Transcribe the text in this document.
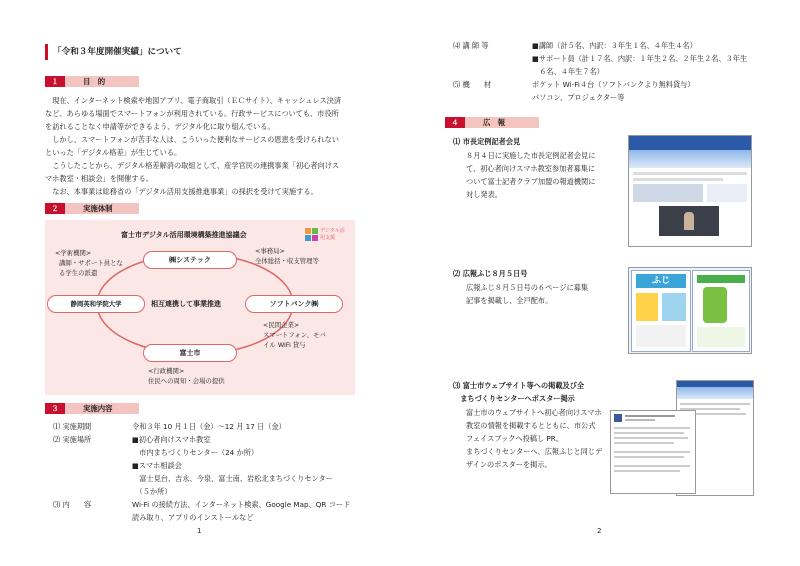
「令和３年度開催実績」について
１	目　的
　現在、インターネット検索や地図アプリ、電子商取引（ＥＣサイト）、キャッシュレス決済
など、あらゆる場面でスマートフォンが利用されている。行政サービスについても、市役所
を訪れることなく申請等ができるよう、デジタル化に取り組んでいる。
　しかし、スマートフォンが苦手な人は、こういった便利なサービスの恩恵を受けられない
といった「デジタル格差」が生じている。
　こうしたことから、デジタル格差解消の取組として、産学官民の連携事業「初心者向けス
マホ教室・相談会」を開催する。
　なお、本事業は総務省の「デジタル活用支援推進事業」の採択を受けて実施する。
２	実施体制
富士市デジタル活用環境構築推進協議会	デジタル活用支援
㈱システック
静岡英和学院大学	ソフトバンク㈱
富士市
相互連携して事業推進
<学術機関>
講師・サポート員とな
る学生の派遣
<事務局>
全体総括・収支管理等
<民間企業>
スマートフォン、モバ
イル WiFi 貸与
<行政機関>
住民への周知・会場の提供
３	実施内容
⑴ 実施期間	令和３年 10 月１日（金）～12 月 17 日（金）
⑵ 実施場所	■初心者向けスマホ教室
　市内まちづくりセンター（24 か所）
■スマホ相談会
　富士見台、吉永、今泉、富士南、岩松北まちづくりセンター
　（５か所）
⑶ 内　　容	Wi-Fi の接続方法、インターネット検索、Google Map、QR コード
読み取り、アプリのインストールなど
1
⑷ 講 師 等	■講師（計５名、内訳：３年生１名、４年生４名）
■サポート員（計１７名、内訳：１年生２名、２年生２名、３年生
　６名、４年生７名）
⑸ 機　　材	ポケット Wi-Fi４台（ソフトバンクより無料貸与）
パソコン、プロジェクター等
４	広　報
⑴ 市長定例記者会見
８月４日に実施した市長定例記者会見に
て、初心者向けスマホ教室参加者募集に
ついて富士記者クラブ加盟の報道機関に
対し発表。
⑵ 広報ふじ８月５日号
広報ふじ８月５日号の６ページに募集
記事を掲載し、全戸配布。
ふじ
⑶ 富士市ウェブサイト等への掲載及び全
　まちづくりセンターへポスター掲示
富士市のウェブサイトへ初心者向けスマホ
教室の情報を掲載するとともに、市公式
フェイスブックへ投稿し PR。
まちづくりセンターへ、広報ふじと同じデ
ザインのポスターを掲示。
2
